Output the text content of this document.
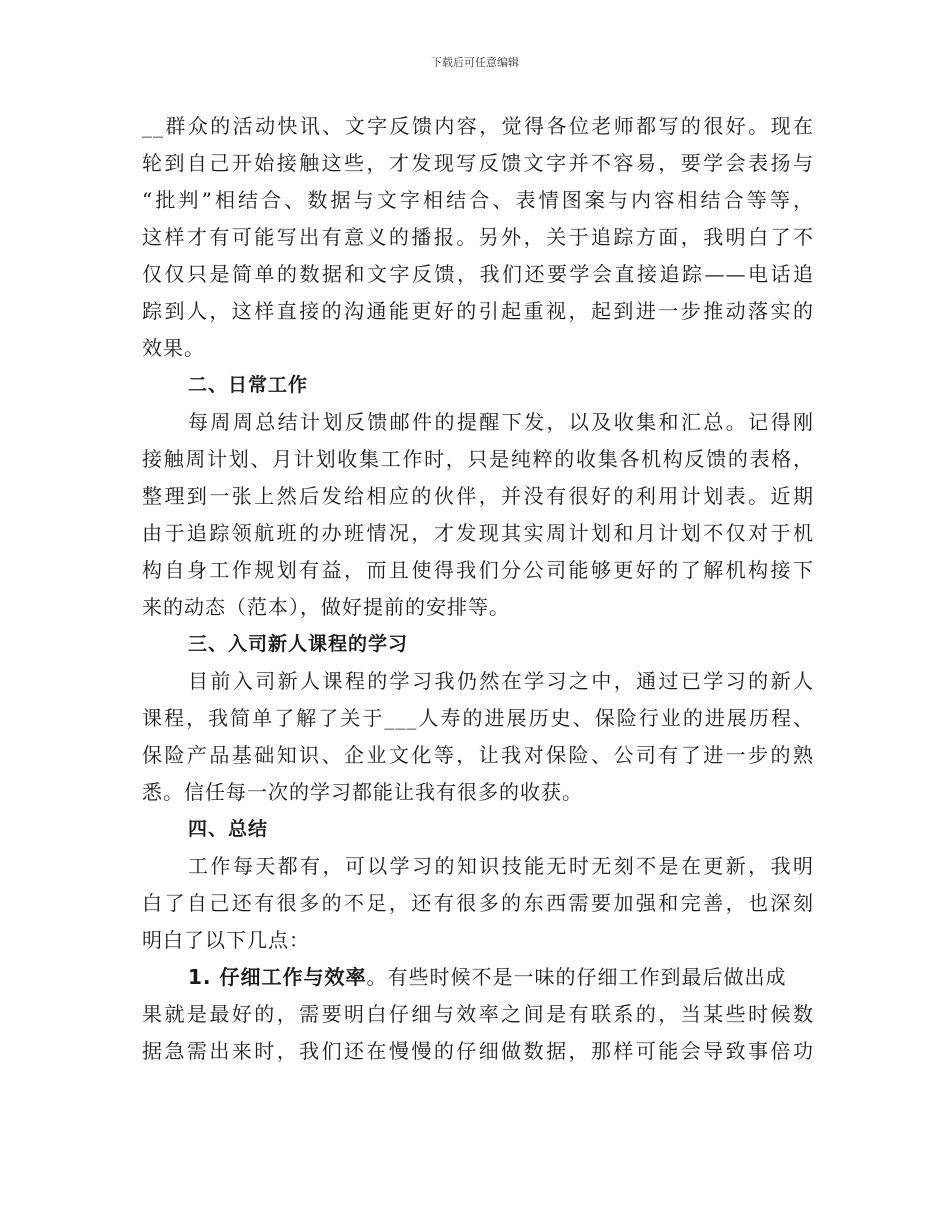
下载后可任意编辑
__群众的活动快讯、文字反馈内容，觉得各位老师都写的很好。现在
轮到自己开始接触这些，才发现写反馈文字并不容易，要学会表扬与
“批判”相结合、数据与文字相结合、表情图案与内容相结合等等，
这样才有可能写出有意义的播报。另外，关于追踪方面，我明白了不
仅仅只是简单的数据和文字反馈，我们还要学会直接追踪——电话追
踪到人，这样直接的沟通能更好的引起重视，起到进一步推动落实的
效果。
二、日常工作
每周周总结计划反馈邮件的提醒下发，以及收集和汇总。记得刚
接触周计划、月计划收集工作时，只是纯粹的收集各机构反馈的表格，
整理到一张上然后发给相应的伙伴，并没有很好的利用计划表。近期
由于追踪领航班的办班情况，才发现其实周计划和月计划不仅对于机
构自身工作规划有益，而且使得我们分公司能够更好的了解机构接下
来的动态（范本），做好提前的安排等。
三、入司新人课程的学习
目前入司新人课程的学习我仍然在学习之中，通过已学习的新人
课程，我简单了解了关于___人寿的进展历史、保险行业的进展历程、
保险产品基础知识、企业文化等，让我对保险、公司有了进一步的熟
悉。信任每一次的学习都能让我有很多的收获。
四、总结
工作每天都有，可以学习的知识技能无时无刻不是在更新，我明
白了自己还有很多的不足，还有很多的东西需要加强和完善，也深刻
明白了以下几点：
1. 仔细工作与效率。有些时候不是一味的仔细工作到最后做出成
果就是最好的，需要明白仔细与效率之间是有联系的，当某些时候数
据急需出来时，我们还在慢慢的仔细做数据，那样可能会导致事倍功
